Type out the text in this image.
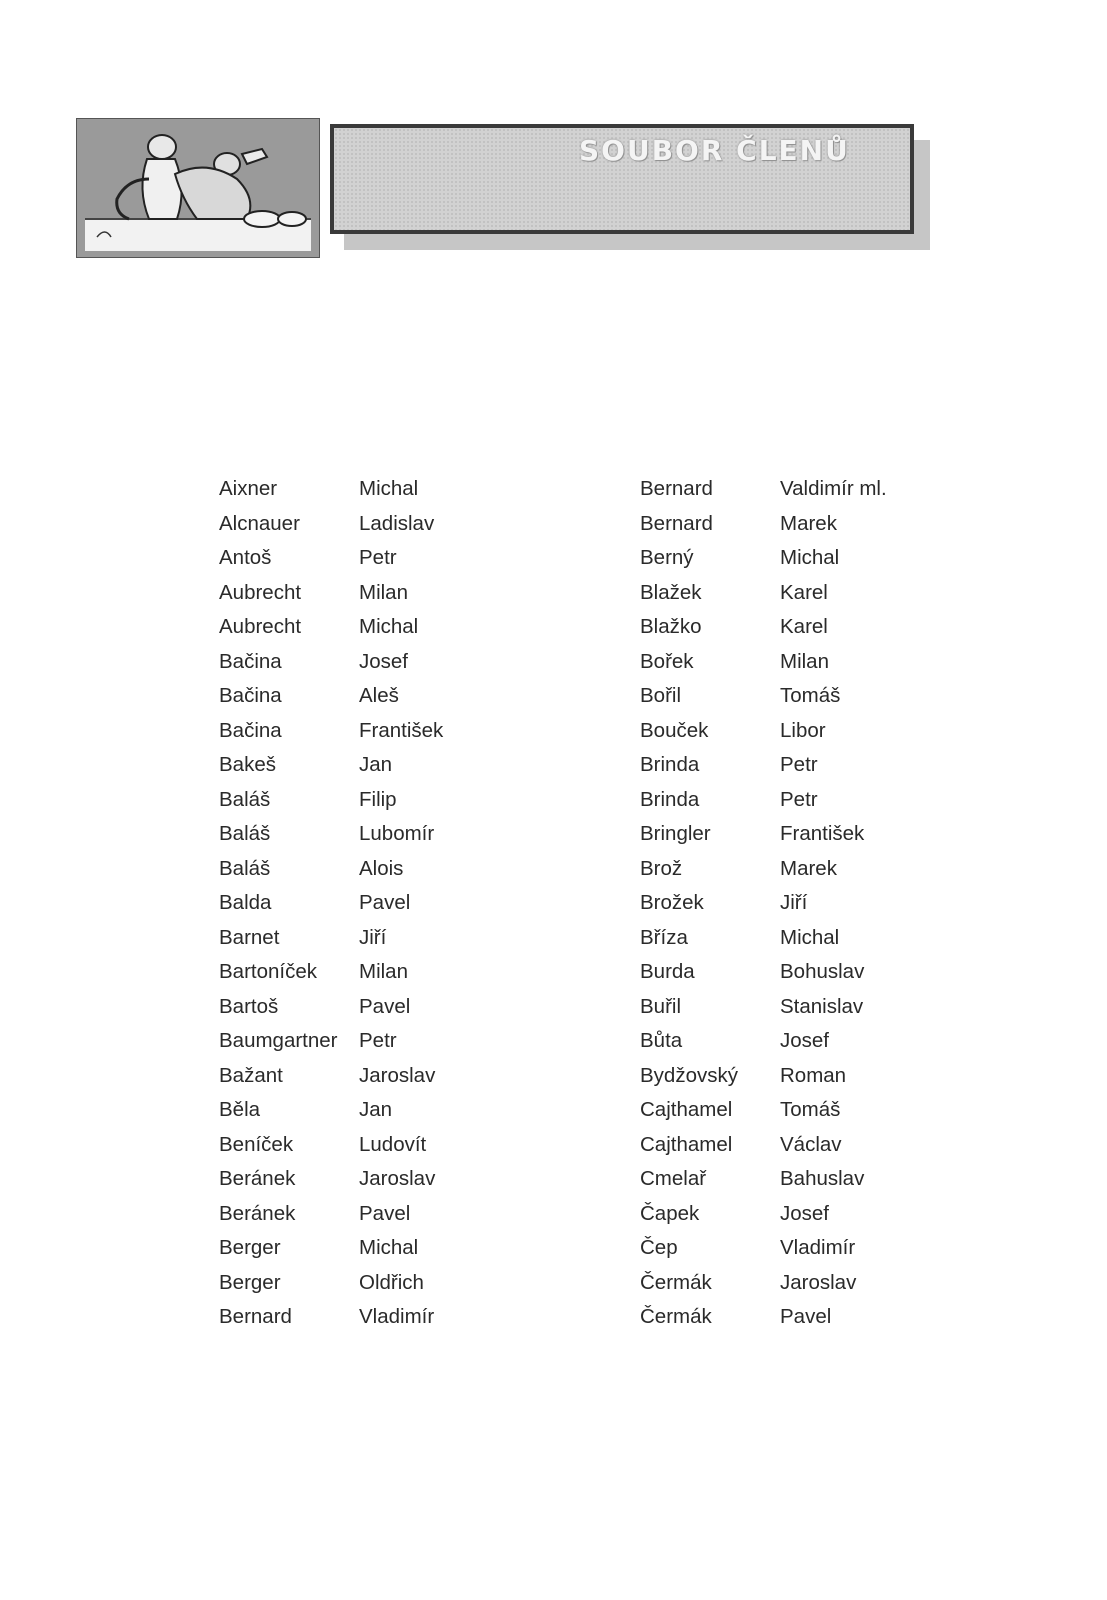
SOUBOR ČLENŮ
Aixner	Michal
Alcnauer	Ladislav
Antoš	Petr
Aubrecht	Milan
Aubrecht	Michal
Bačina	Josef
Bačina	Aleš
Bačina	František
Bakeš	Jan
Baláš	Filip
Baláš	Lubomír
Baláš	Alois
Balda	Pavel
Barnet	Jiří
Bartoníček	Milan
Bartoš	Pavel
Baumgartner	Petr
Bažant	Jaroslav
Běla	Jan
Beníček	Ludovít
Beránek	Jaroslav
Beránek	Pavel
Berger	Michal
Berger	Oldřich
Bernard	Vladimír
Bernard	Valdimír ml.
Bernard	Marek
Berný	Michal
Blažek	Karel
Blažko	Karel
Bořek	Milan
Bořil	Tomáš
Bouček	Libor
Brinda	Petr
Brinda	Petr
Bringler	František
Brož	Marek
Brožek	Jiří
Bříza	Michal
Burda	Bohuslav
Buřil	Stanislav
Bůta	Josef
Bydžovský	Roman
Cajthamel	Tomáš
Cajthamel	Václav
Cmelař	Bahuslav
Čapek	Josef
Čep	Vladimír
Čermák	Jaroslav
Čermák	Pavel
